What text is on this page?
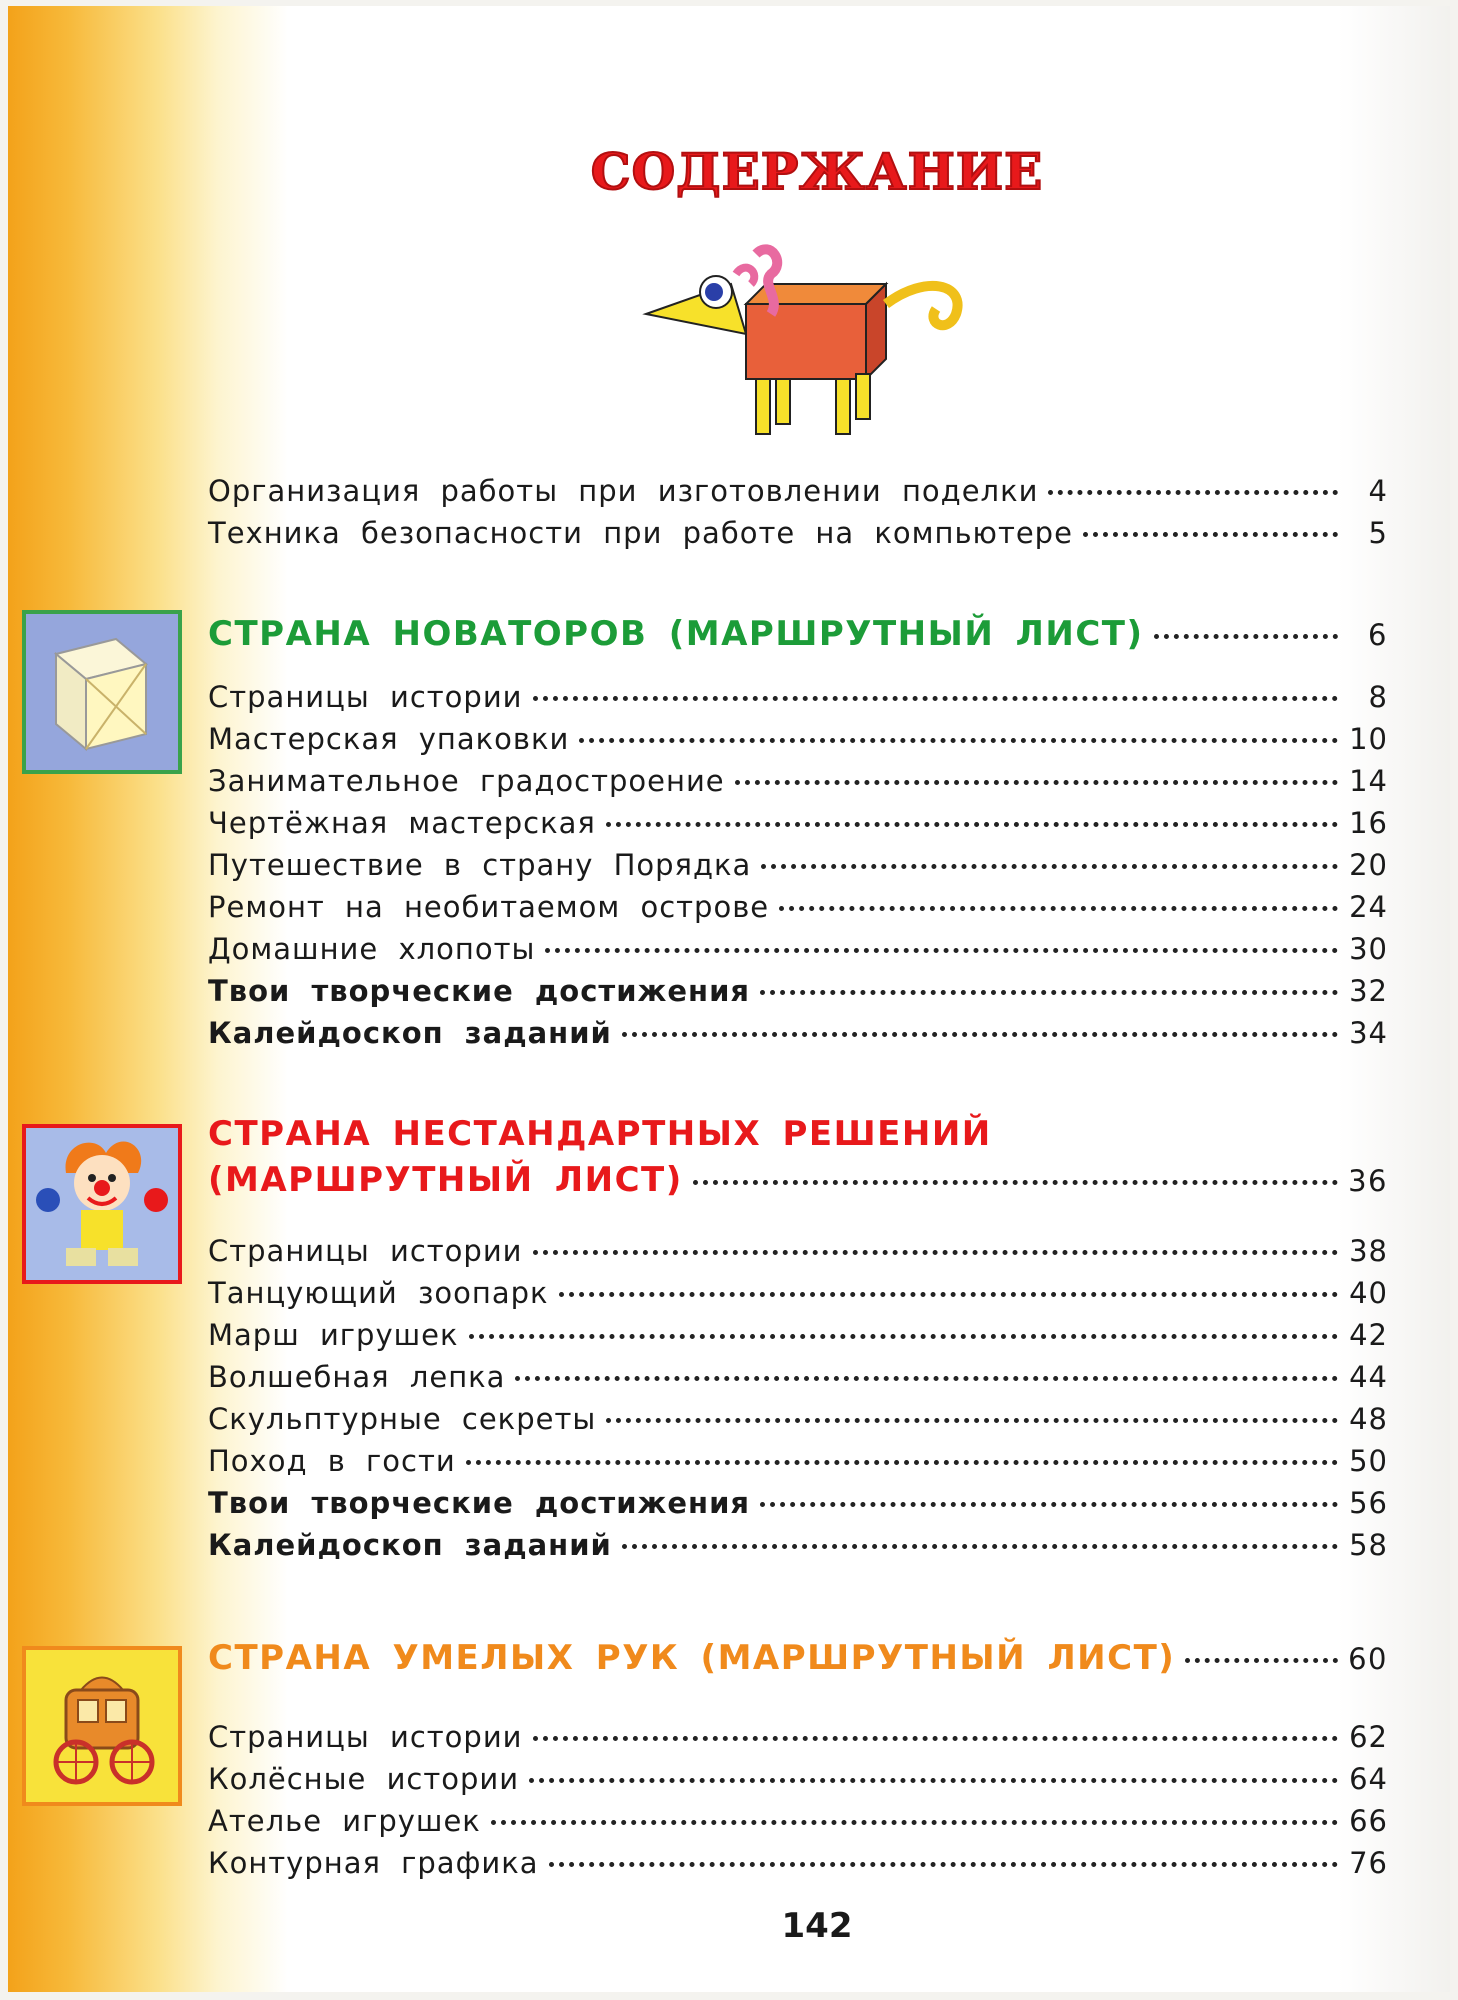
СОДЕРЖАНИЕ
Организация работы при изготовлении поделки	4
Техника безопасности при работе на компьютере	5
СТРАНА НОВАТОРОВ (МАРШРУТНЫЙ ЛИСТ)	6
Страницы истории	8
Мастерская упаковки	10
Занимательное градостроение	14
Чертёжная мастерская	16
Путешествие в страну Порядка	20
Ремонт на необитаемом острове	24
Домашние хлопоты	30
Твои творческие достижения	32
Калейдоскоп заданий	34
СТРАНА НЕСТАНДАРТНЫХ РЕШЕНИЙ
(МАРШРУТНЫЙ ЛИСТ)	36
Страницы истории	38
Танцующий зоопарк	40
Марш игрушек	42
Волшебная лепка	44
Скульптурные секреты	48
Поход в гости	50
Твои творческие достижения	56
Калейдоскоп заданий	58
СТРАНА УМЕЛЫХ РУК (МАРШРУТНЫЙ ЛИСТ)	60
Страницы истории	62
Колёсные истории	64
Ателье игрушек	66
Контурная графика	76
142
